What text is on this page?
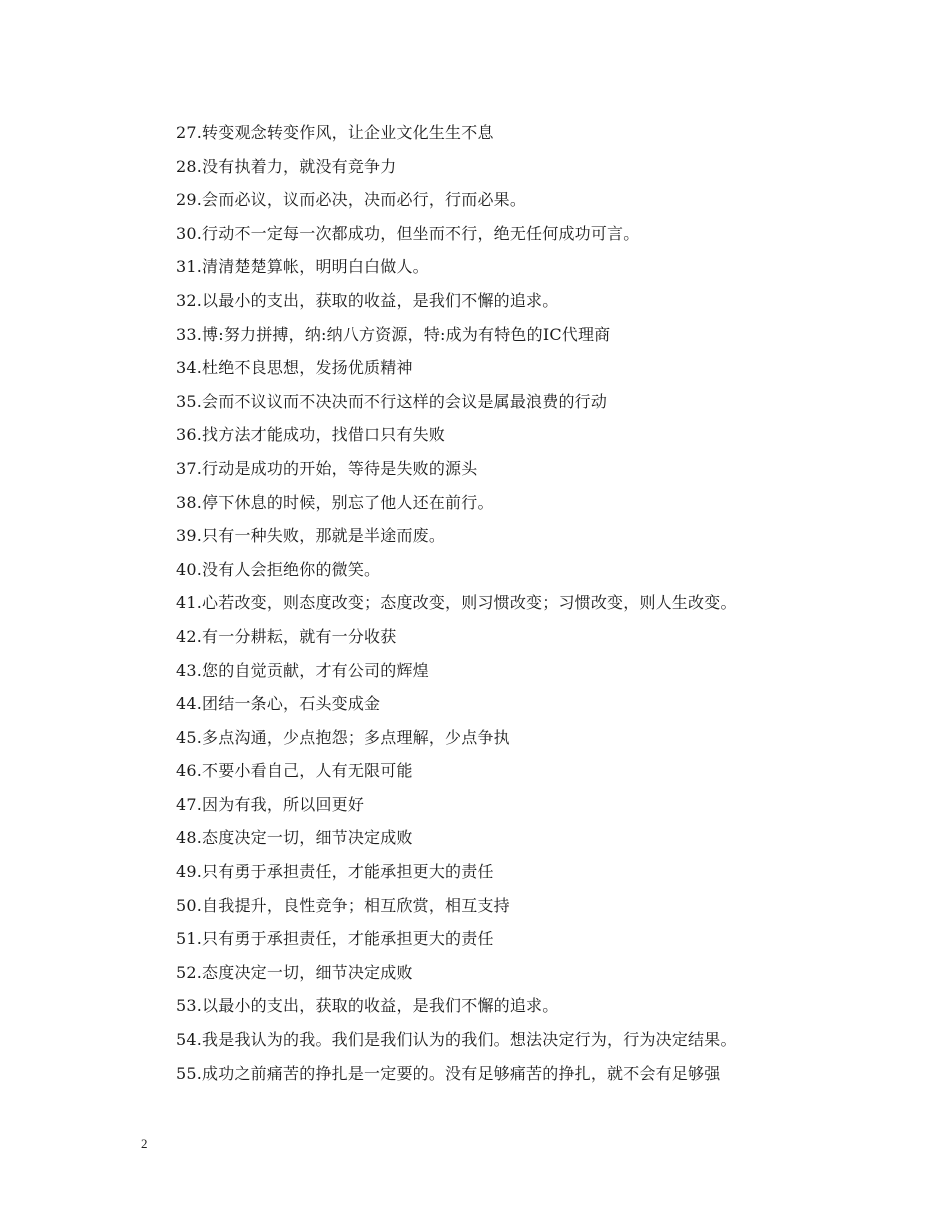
27.转变观念转变作风，让企业文化生生不息
28.没有执着力，就没有竞争力
29.会而必议，议而必决，决而必行，行而必果。
30.行动不一定每一次都成功，但坐而不行，绝无任何成功可言。
31.清清楚楚算帐，明明白白做人。
32.以最小的支出，获取的收益，是我们不懈的追求。
33.博:努力拼搏，纳:纳八方资源，特:成为有特色的IC代理商
34.杜绝不良思想，发扬优质精神
35.会而不议议而不决决而不行这样的会议是属最浪费的行动
36.找方法才能成功，找借口只有失败
37.行动是成功的开始，等待是失败的源头
38.停下休息的时候，别忘了他人还在前行。
39.只有一种失败，那就是半途而废。
40.没有人会拒绝你的微笑。
41.心若改变，则态度改变；态度改变，则习惯改变；习惯改变，则人生改变。
42.有一分耕耘，就有一分收获
43.您的自觉贡献，才有公司的辉煌
44.团结一条心，石头变成金
45.多点沟通，少点抱怨；多点理解，少点争执
46.不要小看自己，人有无限可能
47.因为有我，所以回更好
48.态度决定一切，细节决定成败
49.只有勇于承担责任，才能承担更大的责任
50.自我提升，良性竞争；相互欣赏，相互支持
51.只有勇于承担责任，才能承担更大的责任
52.态度决定一切，细节决定成败
53.以最小的支出，获取的收益，是我们不懈的追求。
54.我是我认为的我。我们是我们认为的我们。想法决定行为，行为决定结果。
55.成功之前痛苦的挣扎是一定要的。没有足够痛苦的挣扎，就不会有足够强
2
